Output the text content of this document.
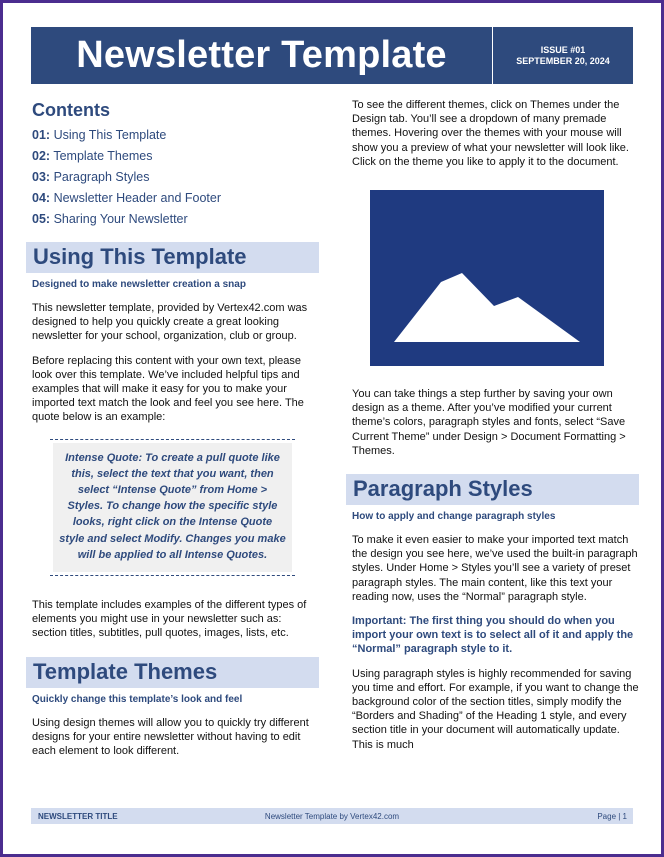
Newsletter Template	ISSUE #01
SEPTEMBER 20, 2024
Contents
01: Using This Template
02: Template Themes
03: Paragraph Styles
04: Newsletter Header and Footer
05: Sharing Your Newsletter
Using This Template
Designed to make newsletter creation a snap

This newsletter template, provided by Vertex42.com was designed to help you quickly create a great looking newsletter for your school, organization, club or group.

Before replacing this content with your own text, please look over this template. We’ve included helpful tips and examples that will make it easy for you to make your imported text match the look and feel you see here. The quote below is an example:

Intense Quote: To create a pull quote like this, select the text that you want, then select “Intense Quote” from Home > Styles. To change how the specific style looks, right click on the Intense Quote style and select Modify. Changes you make will be applied to all Intense Quotes.

This template includes examples of the different types of elements you might use in your newsletter such as: section titles, subtitles, pull quotes, images, lists, etc.

Template Themes
Quickly change this template’s look and feel

Using design themes will allow you to quickly try different designs for your entire newsletter without having to edit each element to look different.

To see the different themes, click on Themes under the Design tab. You’ll see a dropdown of many premade themes. Hovering over the themes with your mouse will show you a preview of what your newsletter will look like. Click on the theme you like to apply it to the document.

You can take things a step further by saving your own design as a theme. After you’ve modified your current theme’s colors, paragraph styles and fonts, select “Save Current Theme” under Design > Document Formatting > Themes.

Paragraph Styles
How to apply and change paragraph styles

To make it even easier to make your imported text match the design you see here, we’ve used the built-in paragraph styles. Under Home > Styles you’ll see a variety of preset paragraph styles. The main content, like this text your reading now, uses the “Normal” paragraph style.

Important: The first thing you should do when you import your own text is to select all of it and apply the “Normal” paragraph style to it.

Using paragraph styles is highly recommended for saving you time and effort. For example, if you want to change the background color of the section titles, simply modify the “Borders and Shading” of the Heading 1 style, and every section title in your document will automatically update. This is much

NEWSLETTER TITLE	Newsletter Template by Vertex42.com	Page | 1
